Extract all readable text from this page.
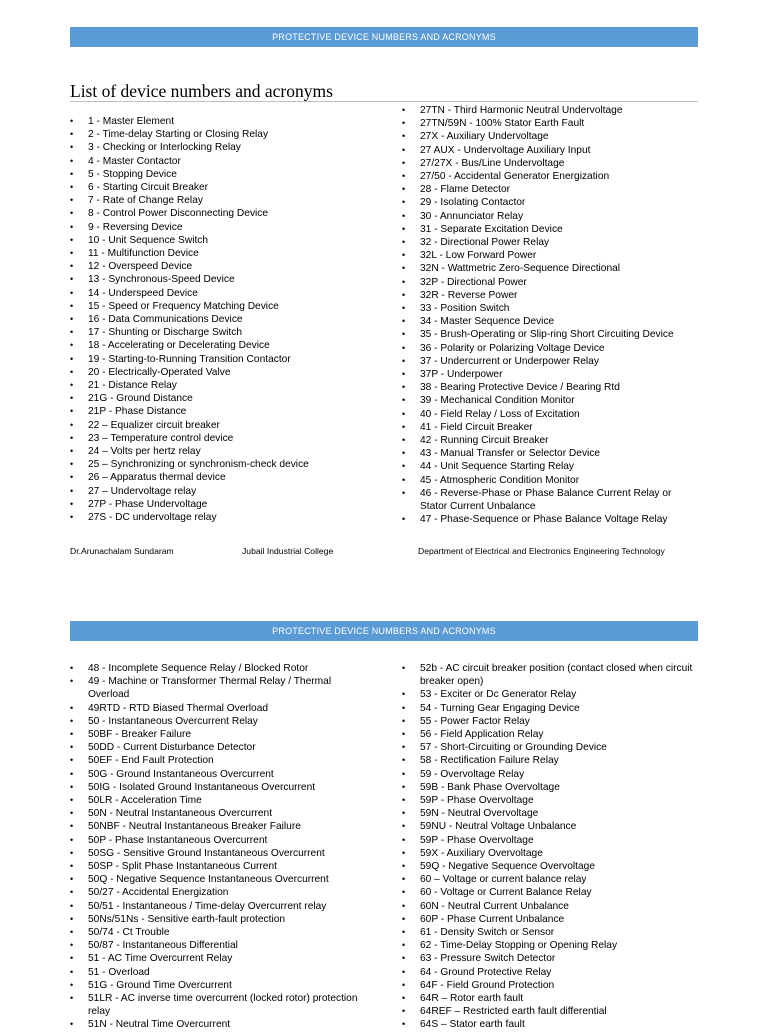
PROTECTIVE DEVICE NUMBERS AND ACRONYMS
List of device numbers and acronyms
• 1 - Master Element
• 2 - Time-delay Starting or Closing Relay
• 3 - Checking or Interlocking Relay
• 4 - Master Contactor
• 5 - Stopping Device
• 6 - Starting Circuit Breaker
• 7 - Rate of Change Relay
• 8 - Control Power Disconnecting Device
• 9 - Reversing Device
• 10 - Unit Sequence Switch
• 11 - Multifunction Device
• 12 - Overspeed Device
• 13 - Synchronous-Speed Device
• 14 - Underspeed Device
• 15 - Speed or Frequency Matching Device
• 16 - Data Communications Device
• 17 - Shunting or Discharge Switch
• 18 - Accelerating or Decelerating Device
• 19 - Starting-to-Running Transition Contactor
• 20 - Electrically-Operated Valve
• 21 - Distance Relay
• 21G - Ground Distance
• 21P - Phase Distance
• 22 – Equalizer circuit breaker
• 23 – Temperature control device
• 24 – Volts per hertz relay
• 25 – Synchronizing or synchronism-check device
• 26 – Apparatus thermal device
• 27 – Undervoltage relay
• 27P - Phase Undervoltage
• 27S - DC undervoltage relay
• 27TN - Third Harmonic Neutral Undervoltage
• 27TN/59N - 100% Stator Earth Fault
• 27X - Auxiliary Undervoltage
• 27 AUX - Undervoltage Auxiliary Input
• 27/27X - Bus/Line Undervoltage
• 27/50 - Accidental Generator Energization
• 28 - Flame Detector
• 29 - Isolating Contactor
• 30 - Annunciator Relay
• 31 - Separate Excitation Device
• 32 - Directional Power Relay
• 32L - Low Forward Power
• 32N - Wattmetric Zero-Sequence Directional
• 32P - Directional Power
• 32R - Reverse Power
• 33 - Position Switch
• 34 - Master Sequence Device
• 35 - Brush-Operating or Slip-ring Short Circuiting Device
• 36 - Polarity or Polarizing Voltage Device
• 37 - Undercurrent or Underpower Relay
• 37P - Underpower
• 38 - Bearing Protective Device / Bearing Rtd
• 39 - Mechanical Condition Monitor
• 40 - Field Relay / Loss of Excitation
• 41 - Field Circuit Breaker
• 42 - Running Circuit Breaker
• 43 - Manual Transfer or Selector Device
• 44 - Unit Sequence Starting Relay
• 45 - Atmospheric Condition Monitor
• 46 - Reverse-Phase or Phase Balance Current Relay or Stator Current Unbalance
• 47 - Phase-Sequence or Phase Balance Voltage Relay
Dr.Arunachalam Sundaram	Jubail Industrial College	Department of Electrical and Electronics Engineering Technology
PROTECTIVE DEVICE NUMBERS AND ACRONYMS
• 48 - Incomplete Sequence Relay / Blocked Rotor
• 49 - Machine or Transformer Thermal Relay / Thermal Overload
• 49RTD - RTD Biased Thermal Overload
• 50 - Instantaneous Overcurrent Relay
• 50BF - Breaker Failure
• 50DD - Current Disturbance Detector
• 50EF - End Fault Protection
• 50G - Ground Instantaneous Overcurrent
• 50IG - Isolated Ground Instantaneous Overcurrent
• 50LR - Acceleration Time
• 50N - Neutral Instantaneous Overcurrent
• 50NBF - Neutral Instantaneous Breaker Failure
• 50P - Phase Instantaneous Overcurrent
• 50SG - Sensitive Ground Instantaneous Overcurrent
• 50SP - Split Phase Instantaneous Current
• 50Q - Negative Sequence Instantaneous Overcurrent
• 50/27 - Accidental Energization
• 50/51 - Instantaneous / Time-delay Overcurrent relay
• 50Ns/51Ns - Sensitive earth-fault protection
• 50/74 - Ct Trouble
• 50/87 - Instantaneous Differential
• 51 - AC Time Overcurrent Relay
• 51 - Overload
• 51G - Ground Time Overcurrent
• 51LR - AC inverse time overcurrent (locked rotor) protection relay
• 51N - Neutral Time Overcurrent
• 52b - AC circuit breaker position (contact closed when circuit breaker open)
• 53 - Exciter or Dc Generator Relay
• 54 - Turning Gear Engaging Device
• 55 - Power Factor Relay
• 56 - Field Application Relay
• 57 - Short-Circuiting or Grounding Device
• 58 - Rectification Failure Relay
• 59 - Overvoltage Relay
• 59B - Bank Phase Overvoltage
• 59P - Phase Overvoltage
• 59N - Neutral Overvoltage
• 59NU - Neutral Voltage Unbalance
• 59P - Phase Overvoltage
• 59X - Auxiliary Overvoltage
• 59Q - Negative Sequence Overvoltage
• 60 – Voltage or current balance relay
• 60 - Voltage or Current Balance Relay
• 60N - Neutral Current Unbalance
• 60P - Phase Current Unbalance
• 61 - Density Switch or Sensor
• 62 - Time-Delay Stopping or Opening Relay
• 63 - Pressure Switch Detector
• 64 - Ground Protective Relay
• 64F - Field Ground Protection
• 64R – Rotor earth fault
• 64REF – Restricted earth fault differential
• 64S – Stator earth fault
